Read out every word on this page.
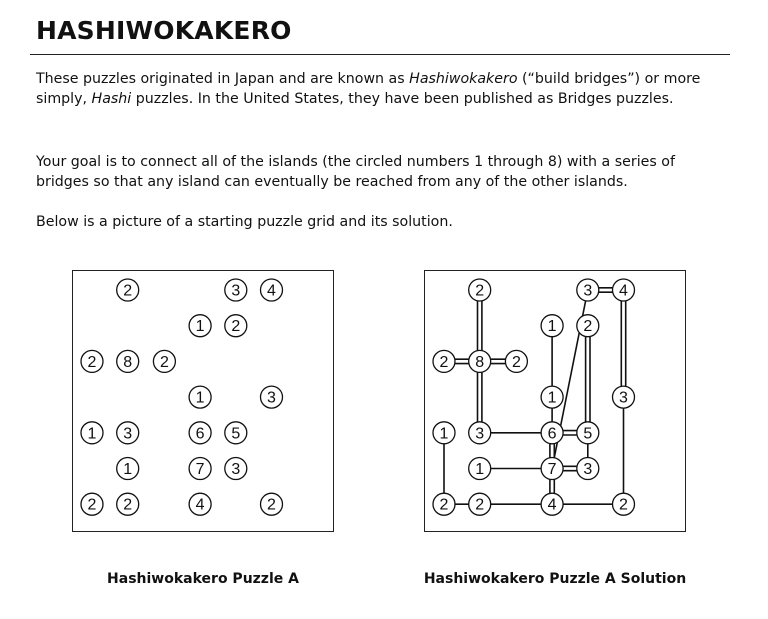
HASHIWOKAKERO

These puzzles originated in Japan and are known as Hashiwokakero (“build bridges”) or more simply, Hashi puzzles. In the United States, they have been published as Bridges puzzles.

Your goal is to connect all of the islands (the circled numbers 1 through 8) with a series of bridges so that any island can eventually be reached from any of the other islands.

Below is a picture of a starting puzzle grid and its solution.

2	3 4
1 2
2 8 2
1	3
1 3	6 5
1	7 3
2 2	4	2
2	3 4
1 2
2 8 2
1	3
1 3	6 5
1	7 3
2 2	4	2

Hashiwokakero Puzzle A	Hashiwokakero Puzzle A Solution
